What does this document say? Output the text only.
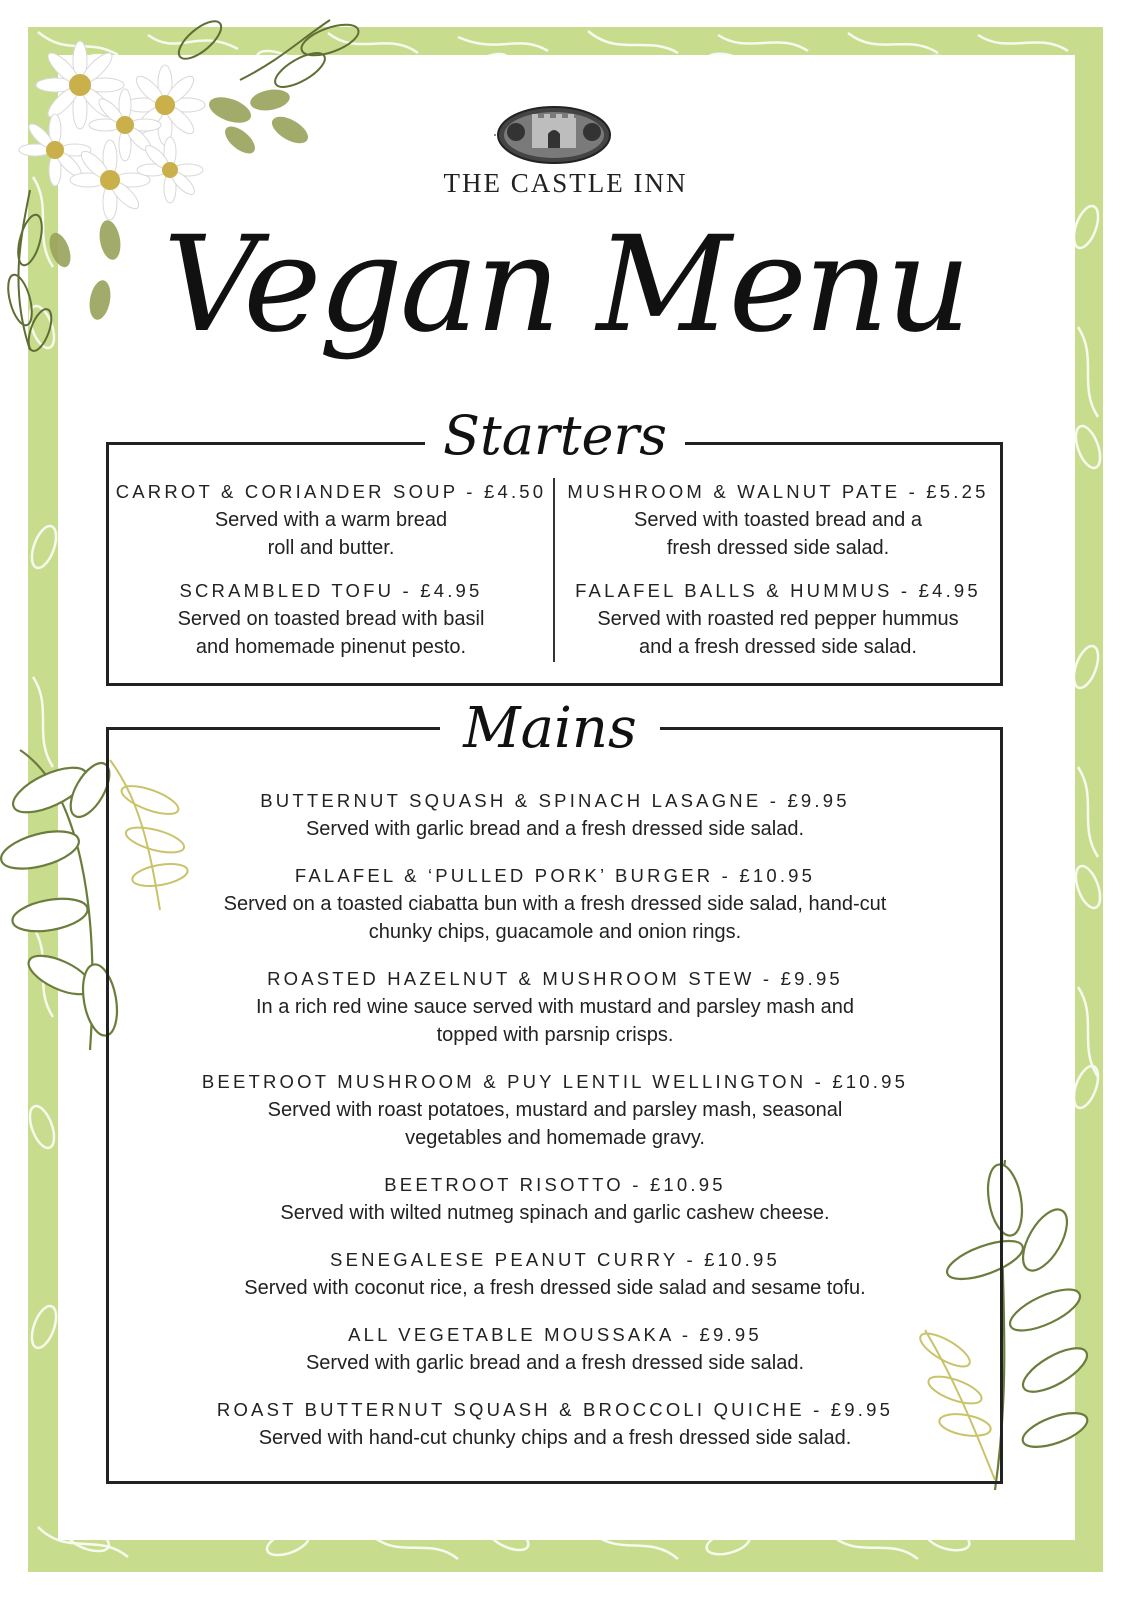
THE CASTLE INN
Vegan Menu
Starters
CARROT & CORIANDER SOUP - £4.50
Served with a warm bread
roll and butter.
SCRAMBLED TOFU - £4.95
Served on toasted bread with basil
and homemade pinenut pesto.
MUSHROOM & WALNUT PATE - £5.25
Served with toasted bread and a
fresh dressed side salad.
FALAFEL BALLS & HUMMUS - £4.95
Served with roasted red pepper hummus
and a fresh dressed side salad.
Mains
BUTTERNUT SQUASH & SPINACH LASAGNE - £9.95
Served with garlic bread and a fresh dressed side salad.
FALAFEL & ‘PULLED PORK’ BURGER - £10.95
Served on a toasted ciabatta bun with a fresh dressed side salad, hand-cut
chunky chips, guacamole and onion rings.
ROASTED HAZELNUT & MUSHROOM STEW - £9.95
In a rich red wine sauce served with mustard and parsley mash and
topped with parsnip crisps.
BEETROOT MUSHROOM & PUY LENTIL WELLINGTON - £10.95
Served with roast potatoes, mustard and parsley mash, seasonal
vegetables and homemade gravy.
BEETROOT RISOTTO - £10.95
Served with wilted nutmeg spinach and garlic cashew cheese.
SENEGALESE PEANUT CURRY - £10.95
Served with coconut rice, a fresh dressed side salad and sesame tofu.
ALL VEGETABLE MOUSSAKA - £9.95
Served with garlic bread and a fresh dressed side salad.
ROAST BUTTERNUT SQUASH & BROCCOLI QUICHE - £9.95
Served with hand-cut chunky chips and a fresh dressed side salad.
